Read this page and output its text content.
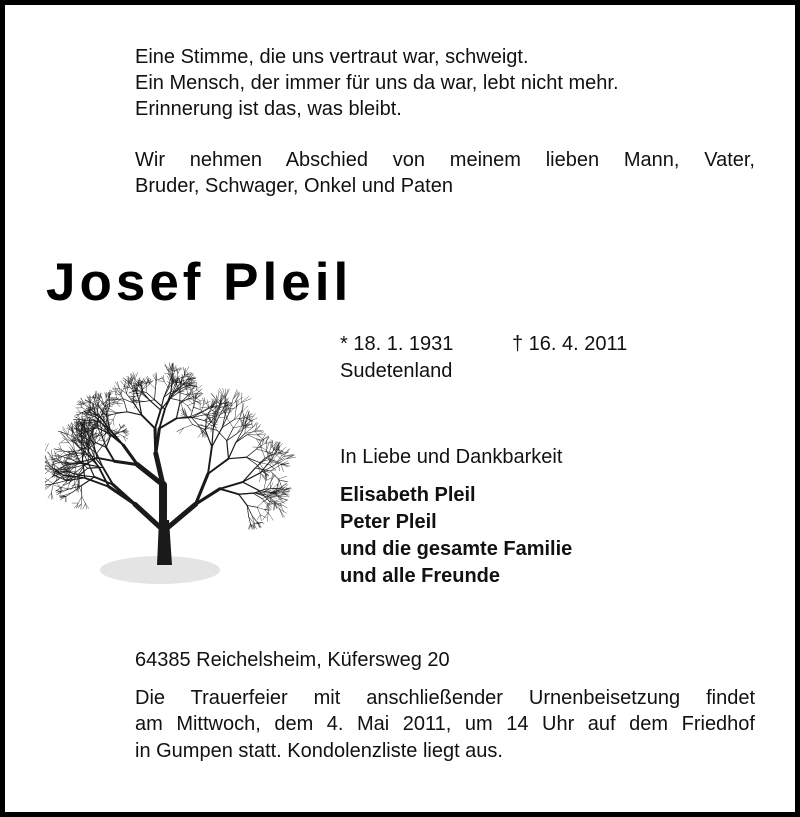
Eine Stimme, die uns vertraut war, schweigt.
Ein Mensch, der immer für uns da war, lebt nicht mehr.
Erinnerung ist das, was bleibt.
Wir nehmen Abschied von meinem lieben Mann, Vater,
Bruder, Schwager, Onkel und Paten
Josef Pleil
* 18. 1. 1931	† 16. 4. 2011
Sudetenland
In Liebe und Dankbarkeit
Elisabeth Pleil
Peter Pleil
und die gesamte Familie
und alle Freunde
64385 Reichelsheim, Küfersweg 20
Die Trauerfeier mit anschließender Urnenbeisetzung findet
am Mittwoch, dem 4. Mai 2011, um 14 Uhr auf dem Friedhof
in Gumpen statt. Kondolenzliste liegt aus.
